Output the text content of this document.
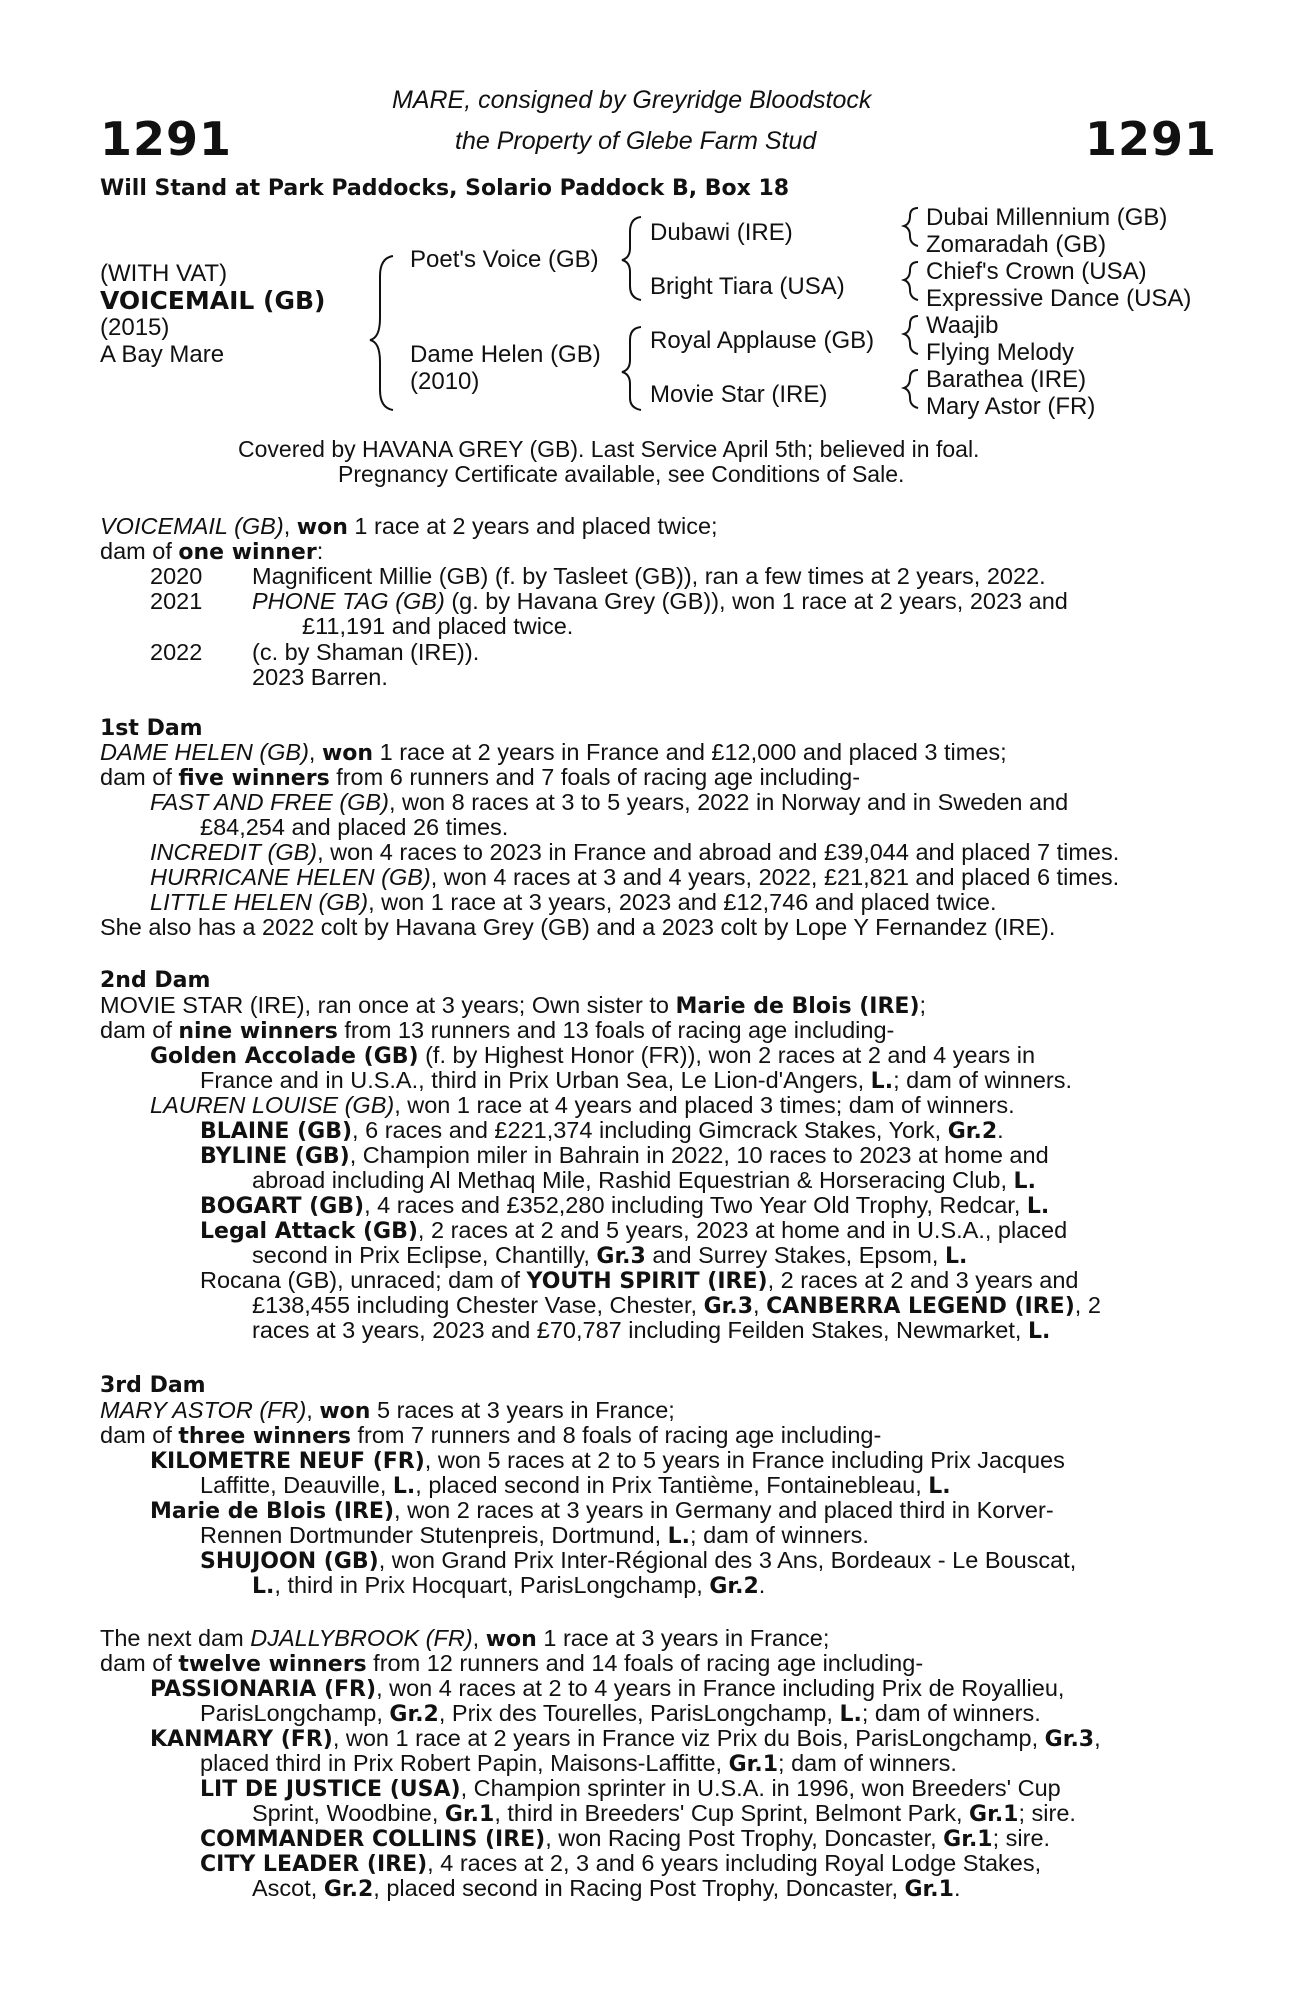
1291	1291
MARE, consigned by Greyridge Bloodstock
the Property of Glebe Farm Stud
Will Stand at Park Paddocks, Solario Paddock B, Box 18
(WITH VAT)
VOICEMAIL (GB)
(2015)
A Bay Mare
Poet's Voice (GB)
Dame Helen (GB)
(2010)
Dubawi (IRE)
Bright Tiara (USA)
Royal Applause (GB)
Movie Star (IRE)
Dubai Millennium (GB)
Zomaradah (GB)
Chief's Crown (USA)
Expressive Dance (USA)
Waajib
Flying Melody
Barathea (IRE)
Mary Astor (FR)
Covered by HAVANA GREY (GB). Last Service April 5th; believed in foal.
Pregnancy Certificate available, see Conditions of Sale.
1st Dam
2nd Dam
3rd Dam
VOICEMAIL (GB), won 1 race at 2 years and placed twice;
dam of one winner:
2020 Magnificent Millie (GB) (f. by Tasleet (GB)), ran a few times at 2 years, 2022.
2021 PHONE TAG (GB) (g. by Havana Grey (GB)), won 1 race at 2 years, 2023 and
£11,191 and placed twice.
2022 (c. by Shaman (IRE)).
2023 Barren.
DAME HELEN (GB), won 1 race at 2 years in France and £12,000 and placed 3 times;
dam of five winners from 6 runners and 7 foals of racing age including-
FAST AND FREE (GB), won 8 races at 3 to 5 years, 2022 in Norway and in Sweden and
£84,254 and placed 26 times.
INCREDIT (GB), won 4 races to 2023 in France and abroad and £39,044 and placed 7 times.
HURRICANE HELEN (GB), won 4 races at 3 and 4 years, 2022, £21,821 and placed 6 times.
LITTLE HELEN (GB), won 1 race at 3 years, 2023 and £12,746 and placed twice.
She also has a 2022 colt by Havana Grey (GB) and a 2023 colt by Lope Y Fernandez (IRE).
MOVIE STAR (IRE), ran once at 3 years; Own sister to Marie de Blois (IRE);
dam of nine winners from 13 runners and 13 foals of racing age including-
Golden Accolade (GB) (f. by Highest Honor (FR)), won 2 races at 2 and 4 years in
France and in U.S.A., third in Prix Urban Sea, Le Lion-d'Angers, L.; dam of winners.
LAUREN LOUISE (GB), won 1 race at 4 years and placed 3 times; dam of winners.
BLAINE (GB), 6 races and £221,374 including Gimcrack Stakes, York, Gr.2.
BYLINE (GB), Champion miler in Bahrain in 2022, 10 races to 2023 at home and
abroad including Al Methaq Mile, Rashid Equestrian & Horseracing Club, L.
BOGART (GB), 4 races and £352,280 including Two Year Old Trophy, Redcar, L.
Legal Attack (GB), 2 races at 2 and 5 years, 2023 at home and in U.S.A., placed
second in Prix Eclipse, Chantilly, Gr.3 and Surrey Stakes, Epsom, L.
Rocana (GB), unraced; dam of YOUTH SPIRIT (IRE), 2 races at 2 and 3 years and
£138,455 including Chester Vase, Chester, Gr.3, CANBERRA LEGEND (IRE), 2
races at 3 years, 2023 and £70,787 including Feilden Stakes, Newmarket, L.
MARY ASTOR (FR), won 5 races at 3 years in France;
dam of three winners from 7 runners and 8 foals of racing age including-
KILOMETRE NEUF (FR), won 5 races at 2 to 5 years in France including Prix Jacques
Laffitte, Deauville, L., placed second in Prix Tantième, Fontainebleau, L.
Marie de Blois (IRE), won 2 races at 3 years in Germany and placed third in Korver-
Rennen Dortmunder Stutenpreis, Dortmund, L.; dam of winners.
SHUJOON (GB), won Grand Prix Inter-Régional des 3 Ans, Bordeaux - Le Bouscat,
L., third in Prix Hocquart, ParisLongchamp, Gr.2.
The next dam DJALLYBROOK (FR), won 1 race at 3 years in France;
dam of twelve winners from 12 runners and 14 foals of racing age including-
PASSIONARIA (FR), won 4 races at 2 to 4 years in France including Prix de Royallieu,
ParisLongchamp, Gr.2, Prix des Tourelles, ParisLongchamp, L.; dam of winners.
KANMARY (FR), won 1 race at 2 years in France viz Prix du Bois, ParisLongchamp, Gr.3,
placed third in Prix Robert Papin, Maisons-Laffitte, Gr.1; dam of winners.
LIT DE JUSTICE (USA), Champion sprinter in U.S.A. in 1996, won Breeders' Cup
Sprint, Woodbine, Gr.1, third in Breeders' Cup Sprint, Belmont Park, Gr.1; sire.
COMMANDER COLLINS (IRE), won Racing Post Trophy, Doncaster, Gr.1; sire.
CITY LEADER (IRE), 4 races at 2, 3 and 6 years including Royal Lodge Stakes,
Ascot, Gr.2, placed second in Racing Post Trophy, Doncaster, Gr.1.
